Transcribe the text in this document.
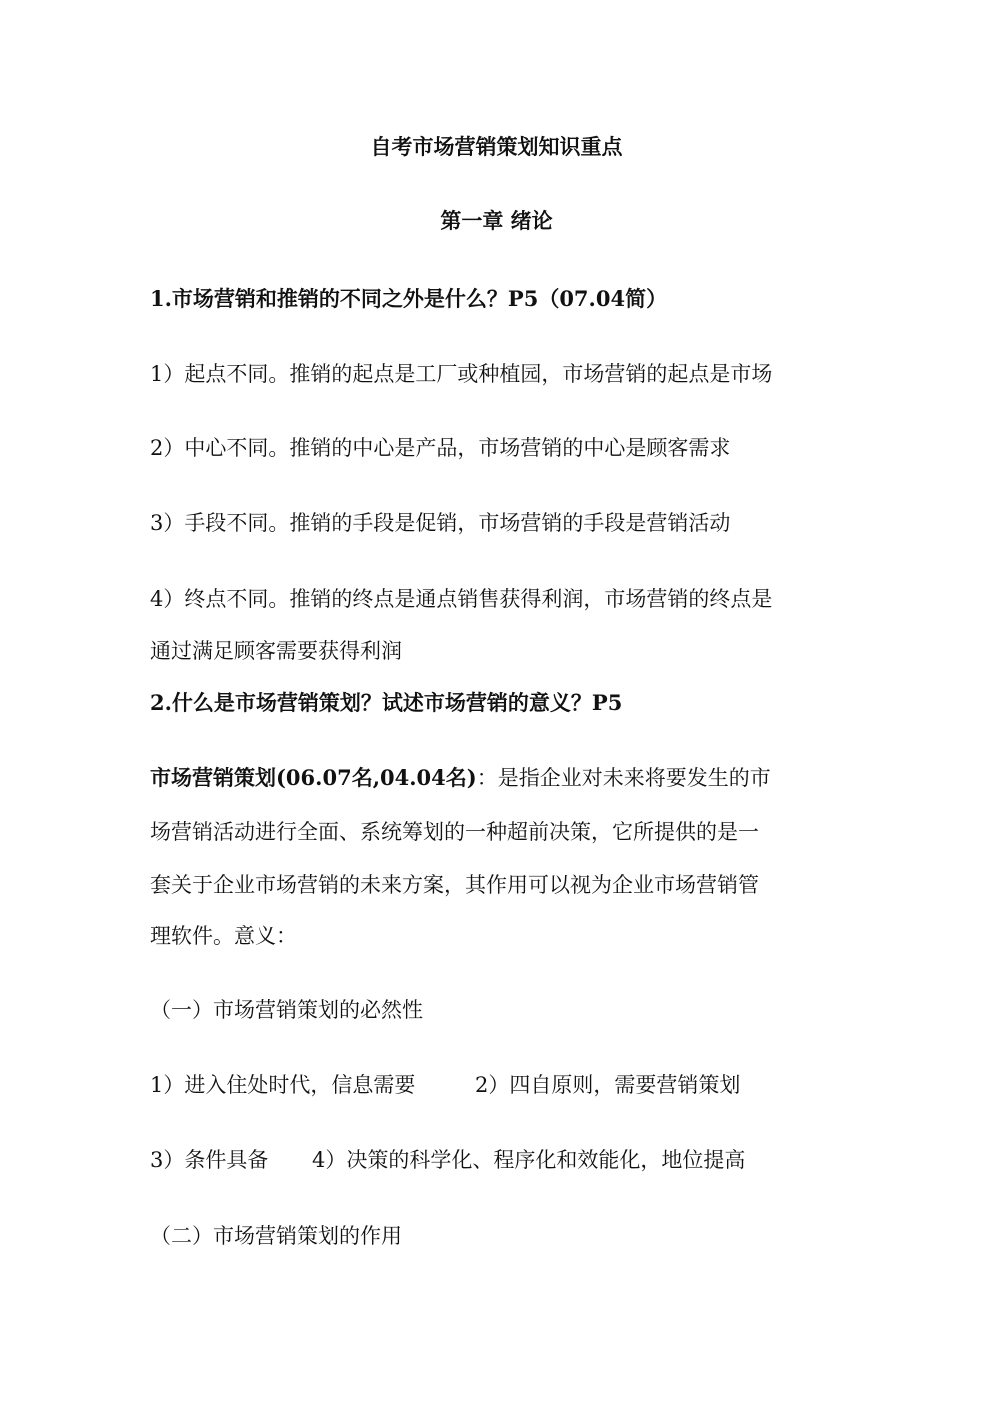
自考市场营销策划知识重点
第一章 绪论
1.市场营销和推销的不同之外是什么？P5（07.04简）
1）起点不同。推销的起点是工厂或种植园，市场营销的起点是市场
2）中心不同。推销的中心是产品，市场营销的中心是顾客需求
3）手段不同。推销的手段是促销，市场营销的手段是营销活动
4）终点不同。推销的终点是通点销售获得利润，市场营销的终点是
通过满足顾客需要获得利润
2.什么是市场营销策划？试述市场营销的意义？P5
市场营销策划(06.07名,04.04名)：是指企业对未来将要发生的市
场营销活动进行全面、系统筹划的一种超前决策，它所提供的是一
套关于企业市场营销的未来方案，其作用可以视为企业市场营销管
理软件。意义：
（一）市场营销策划的必然性
1）进入住处时代，信息需要	2）四自原则，需要营销策划
3）条件具备 4）决策的科学化、程序化和效能化，地位提高
（二）市场营销策划的作用
